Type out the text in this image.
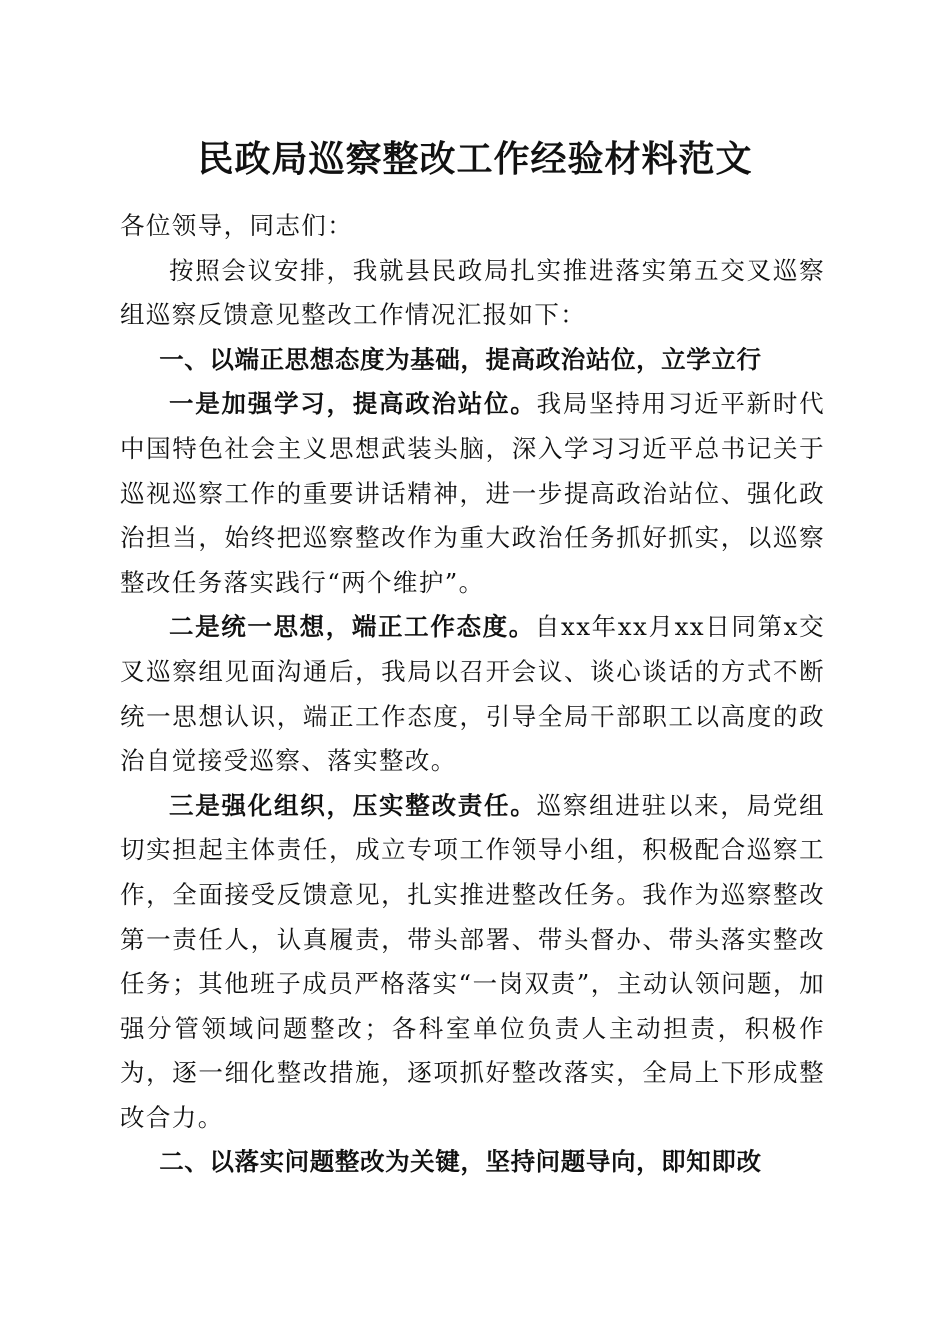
民政局巡察整改工作经验材料范文

各位领导，同志们：

按照会议安排，我就县民政局扎实推进落实第五交叉巡察组巡察反馈意见整改工作情况汇报如下：

一、以端正思想态度为基础，提高政治站位，立学立行

一是加强学习，提高政治站位。我局坚持用习近平新时代中国特色社会主义思想武装头脑，深入学习习近平总书记关于巡视巡察工作的重要讲话精神，进一步提高政治站位、强化政治担当，始终把巡察整改作为重大政治任务抓好抓实，以巡察整改任务落实践行“两个维护”。

二是统一思想，端正工作态度。自xx年xx月xx日同第x交叉巡察组见面沟通后，我局以召开会议、谈心谈话的方式不断统一思想认识，端正工作态度，引导全局干部职工以高度的政治自觉接受巡察、落实整改。

三是强化组织，压实整改责任。巡察组进驻以来，局党组切实担起主体责任，成立专项工作领导小组，积极配合巡察工作，全面接受反馈意见，扎实推进整改任务。我作为巡察整改第一责任人，认真履责，带头部署、带头督办、带头落实整改任务；其他班子成员严格落实“一岗双责”，主动认领问题，加强分管领域问题整改；各科室单位负责人主动担责，积极作为，逐一细化整改措施，逐项抓好整改落实，全局上下形成整改合力。

二、以落实问题整改为关键，坚持问题导向，即知即改
